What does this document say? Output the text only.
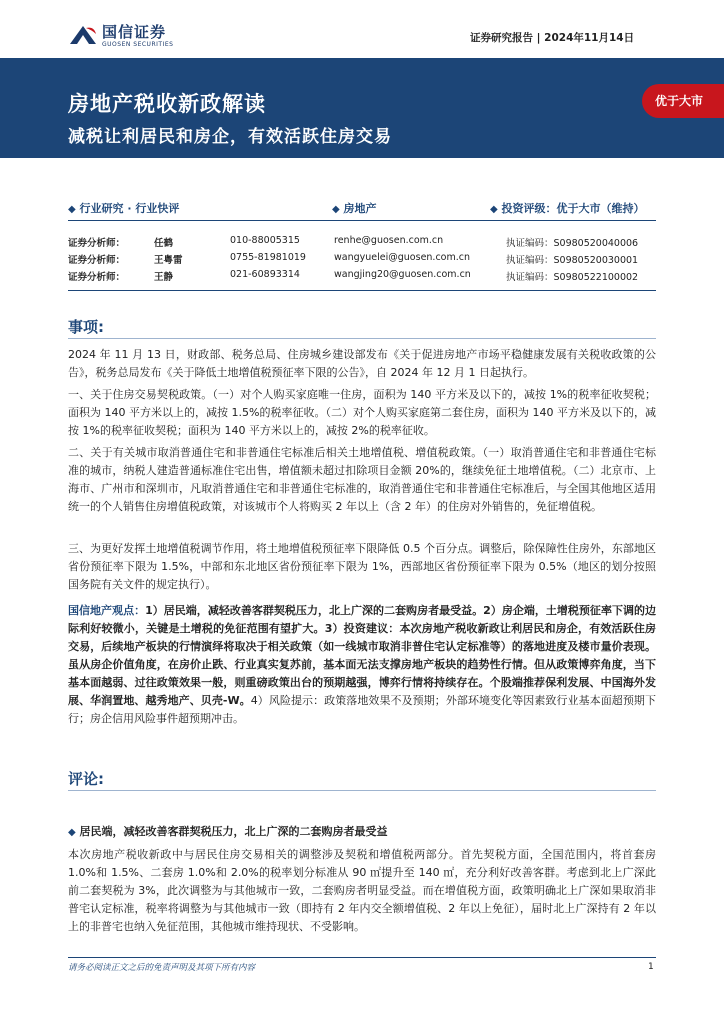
国信证券
GUOSEN SECURITIES
证券研究报告 | 2024年11月14日
房地产税收新政解读
减税让利居民和房企，有效活跃住房交易
优于大市
◆ 行业研究 · 行业快评	◆ 房地产	◆ 投资评级：优于大市（维持）
证券分析师：	任鹤	010-88005315	renhe@guosen.com.cn	执证编码：S0980520040006
证券分析师：	王粤雷	0755-81981019	wangyuelei@guosen.com.cn	执证编码：S0980520030001
证券分析师：	王静	021-60893314	wangjing20@guosen.com.cn	执证编码：S0980522100002
事项:

2024 年 11 月 13 日，财政部、税务总局、住房城乡建设部发布《关于促进房地产市场平稳健康发展有关税收政策的公告》，税务总局发布《关于降低土地增值税预征率下限的公告》，自 2024 年 12 月 1 日起执行。

一、关于住房交易契税政策。（一）对个人购买家庭唯一住房，面积为 140 平方米及以下的，减按 1%的税率征收契税；面积为 140 平方米以上的，减按 1.5%的税率征收。（二）对个人购买家庭第二套住房，面积为 140 平方米及以下的，减按 1%的税率征收契税；面积为 140 平方米以上的，减按 2%的税率征收。

二、关于有关城市取消普通住宅和非普通住宅标准后相关土地增值税、增值税政策。（一）取消普通住宅和非普通住宅标准的城市，纳税人建造普通标准住宅出售，增值额未超过扣除项目金额 20%的，继续免征土地增值税。（二）北京市、上海市、广州市和深圳市，凡取消普通住宅和非普通住宅标准的，取消普通住宅和非普通住宅标准后，与全国其他地区适用统一的个人销售住房增值税政策，对该城市个人将购买 2 年以上（含 2 年）的住房对外销售的，免征增值税。

三、为更好发挥土地增值税调节作用，将土地增值税预征率下限降低 0.5 个百分点。调整后，除保障性住房外，东部地区省份预征率下限为 1.5%，中部和东北地区省份预征率下限为 1%，西部地区省份预征率下限为 0.5%（地区的划分按照国务院有关文件的规定执行）。

国信地产观点：1）居民端，减轻改善客群契税压力，北上广深的二套购房者最受益。2）房企端，土增税预征率下调的边际利好较微小，关键是土增税的免征范围有望扩大。3）投资建议：本次房地产税收新政让利居民和房企，有效活跃住房交易，后续地产板块的行情演绎将取决于相关政策（如一线城市取消非普住宅认定标准等）的落地进度及楼市量价表现。虽从房企价值角度，在房价止跌、行业真实复苏前，基本面无法支撑房地产板块的趋势性行情。但从政策博弈角度，当下基本面越弱、过往政策效果一般，则重磅政策出台的预期越强，博弈行情将持续存在。个股端推荐保利发展、中国海外发展、华润置地、越秀地产、贝壳-W。4）风险提示：政策落地效果不及预期；外部环境变化等因素致行业基本面超预期下行；房企信用风险事件超预期冲击。

评论:
◆ 居民端，减轻改善客群契税压力，北上广深的二套购房者最受益

本次房地产税收新政中与居民住房交易相关的调整涉及契税和增值税两部分。首先契税方面，全国范围内，将首套房 1.0%和 1.5%、二套房 1.0%和 2.0%的税率划分标准从 90 ㎡提升至 140 ㎡，充分利好改善客群。考虑到北上广深此前二套契税为 3%，此次调整为与其他城市一致，二套购房者明显受益。而在增值税方面，政策明确北上广深如果取消非普宅认定标准，税率将调整为与其他城市一致（即持有 2 年内交全额增值税、2 年以上免征），届时北上广深持有 2 年以上的非普宅也纳入免征范围，其他城市维持现状、不受影响。

请务必阅读正文之后的免责声明及其项下所有内容	1
